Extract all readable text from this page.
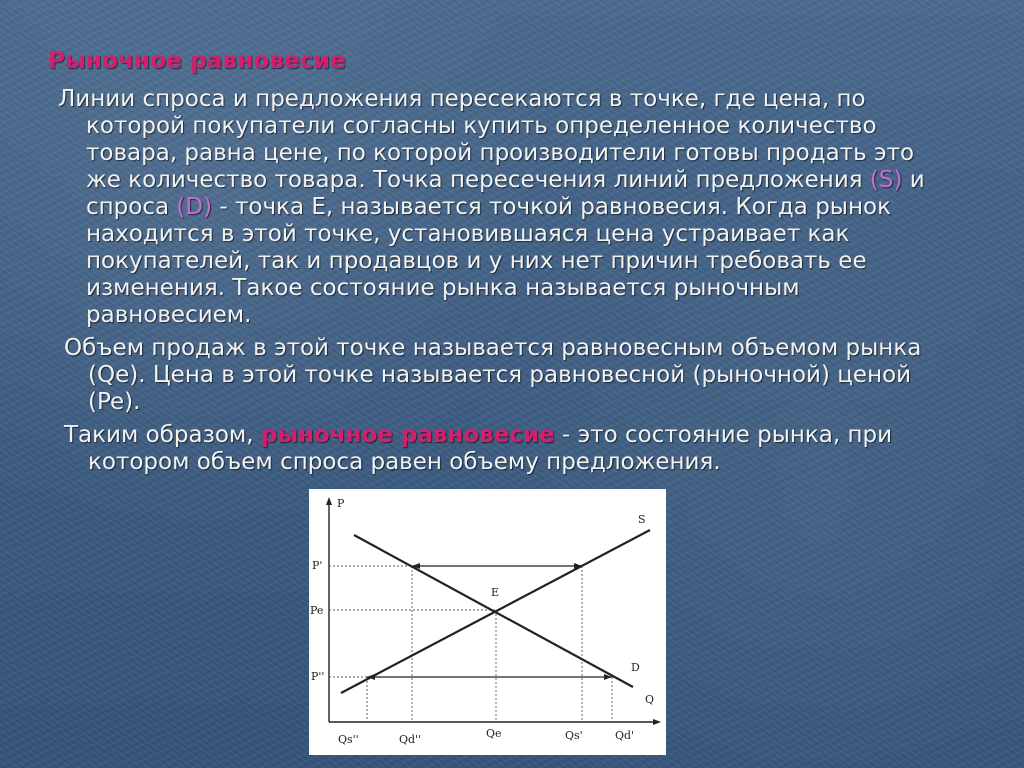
Рыночное равновесие

Линии спроса и предложения пересекаются в точке, где цена, по которой покупатели согласны купить определенное количество товара, равна цене, по которой производители готовы продать это же количество товара. Точка пересечения линий предложения (S) и спроса (D) - точка Е, называется точкой равновесия. Когда рынок находится в этой точке, установившаяся цена устраивает как покупателей, так и продавцов и у них нет причин требовать ее изменения. Такое состояние рынка называется рыночным равновесием.

Объем продаж в этой точке называется равновесным объемом рынка (Qe). Цена в этой точке называется равновесной (рыночной) ценой (Pe).

Таким образом, рыночное равновесие - это состояние рынка, при котором объем спроса равен объему предложения.

P
Q
S
D
E
P'
Pe
P''
Qs''	Qd''	Qe	Qs'	Qd'
